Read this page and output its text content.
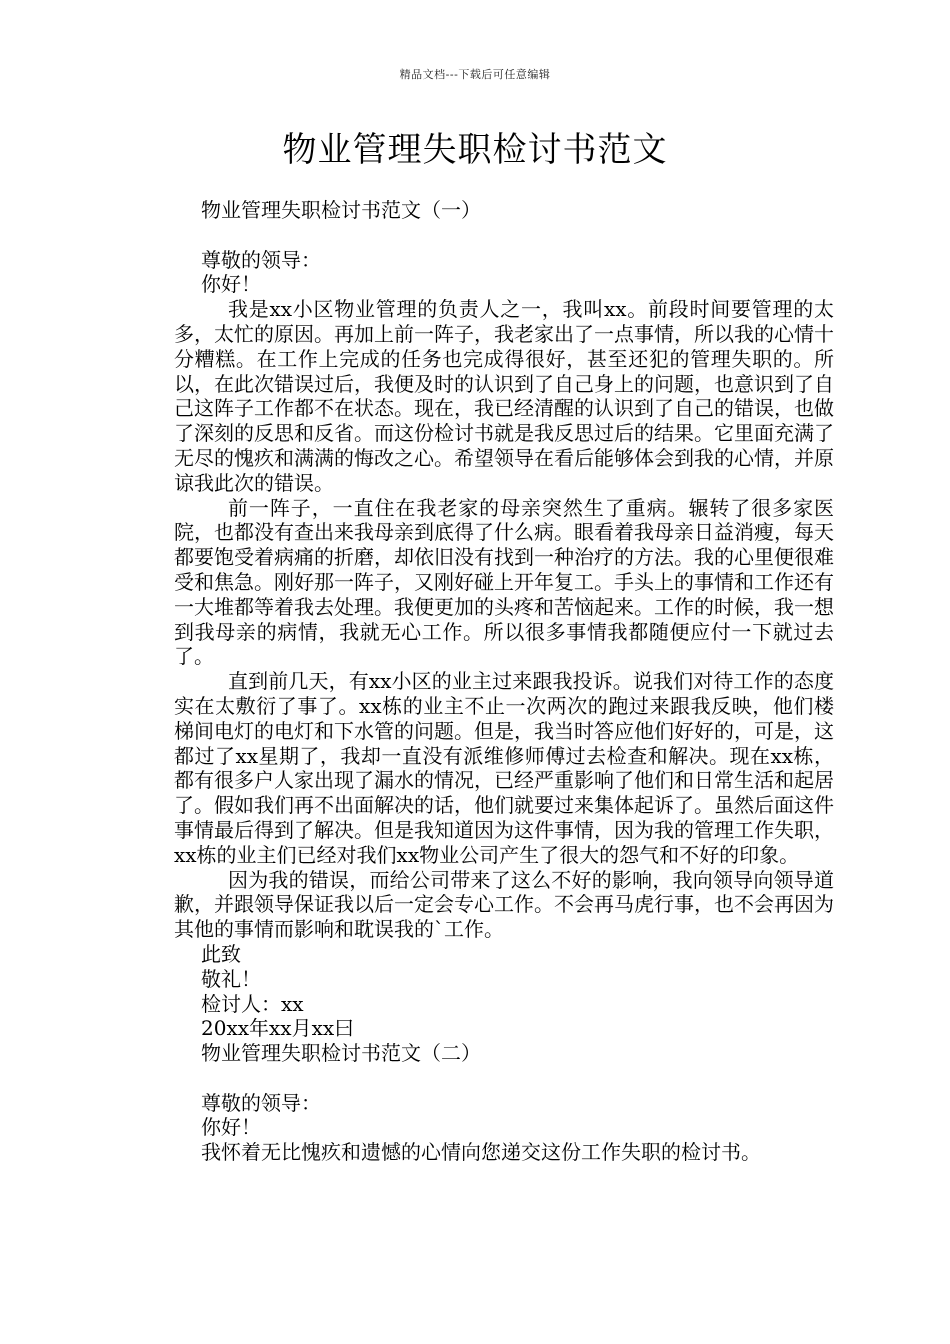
精品文档---下载后可任意编辑
物业管理失职检讨书范文
物业管理失职检讨书范文（一）
尊敬的领导：
你好！

我是xx小区物业管理的负责人之一，我叫xx。前段时间要管理的太多，太忙的原因。再加上前一阵子，我老家出了一点事情，所以我的心情十分糟糕。在工作上完成的任务也完成得很好，甚至还犯的管理失职的。所以，在此次错误过后，我便及时的认识到了自己身上的问题，也意识到了自己这阵子工作都不在状态。现在，我已经清醒的认识到了自己的错误，也做了深刻的反思和反省。而这份检讨书就是我反思过后的结果。它里面充满了无尽的愧疚和满满的悔改之心。希望领导在看后能够体会到我的心情，并原谅我此次的错误。

前一阵子，一直住在我老家的母亲突然生了重病。辗转了很多家医院，也都没有查出来我母亲到底得了什么病。眼看着我母亲日益消瘦，每天都要饱受着病痛的折磨，却依旧没有找到一种治疗的方法。我的心里便很难受和焦急。刚好那一阵子，又刚好碰上开年复工。手头上的事情和工作还有一大堆都等着我去处理。我便更加的头疼和苦恼起来。工作的时候，我一想到我母亲的病情，我就无心工作。所以很多事情我都随便应付一下就过去了。

直到前几天，有xx小区的业主过来跟我投诉。说我们对待工作的态度实在太敷衍了事了。xx栋的业主不止一次两次的跑过来跟我反映，他们楼梯间电灯的电灯和下水管的问题。但是，我当时答应他们好好的，可是，这都过了xx星期了，我却一直没有派维修师傅过去检查和解决。现在xx栋，都有很多户人家出现了漏水的情况，已经严重影响了他们和日常生活和起居了。假如我们再不出面解决的话，他们就要过来集体起诉了。虽然后面这件事情最后得到了解决。但是我知道因为这件事情，因为我的管理工作失职，xx栋的业主们已经对我们xx物业公司产生了很大的怨气和不好的印象。

因为我的错误，而给公司带来了这么不好的影响，我向领导向领导道歉，并跟领导保证我以后一定会专心工作。不会再马虎行事，也不会再因为其他的事情而影响和耽误我的`工作。

此致
敬礼！
检讨人：xx
20xx年xx月xx曰
物业管理失职检讨书范文（二）
尊敬的领导：
你好！
我怀着无比愧疚和遗憾的心情向您递交这份工作失职的检讨书。
